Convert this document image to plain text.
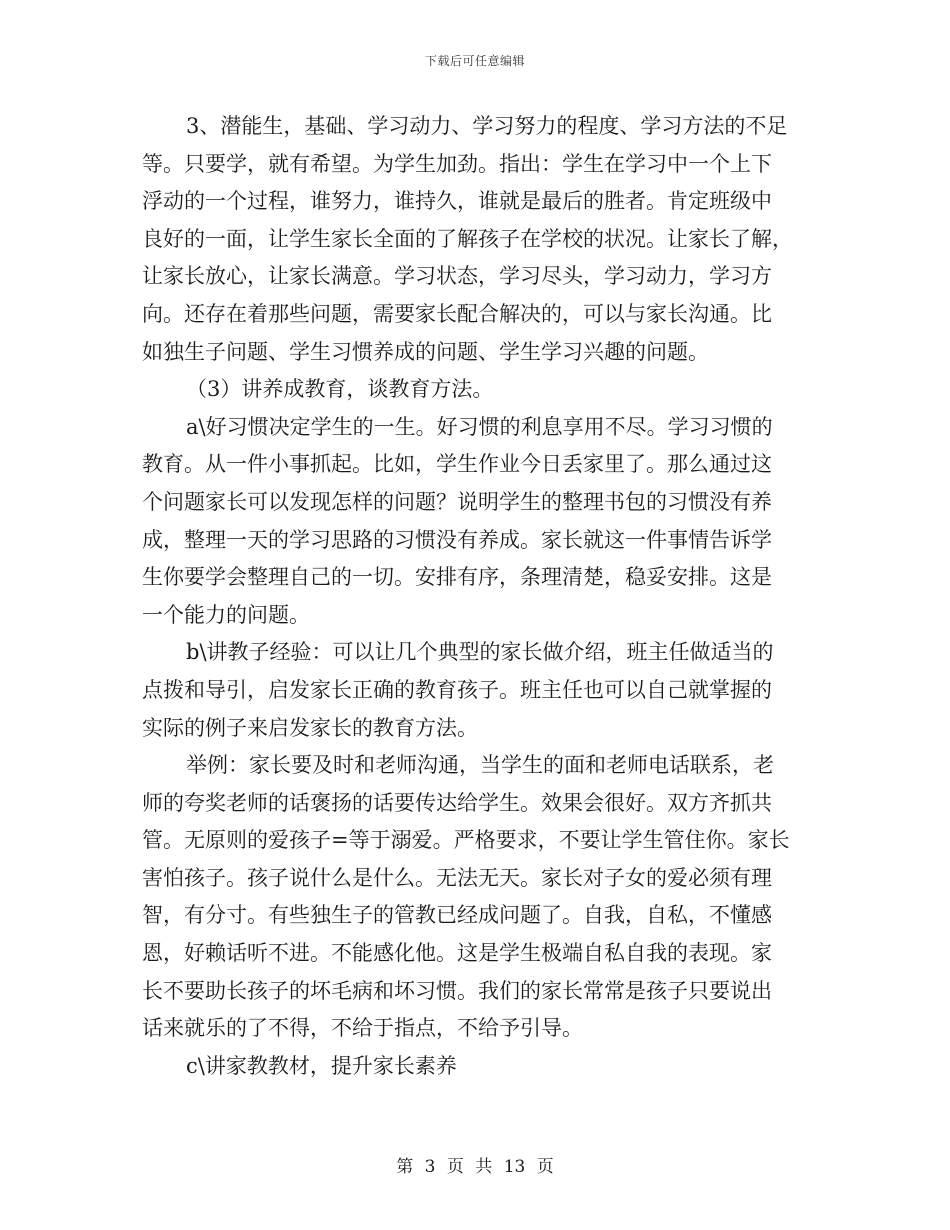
下载后可任意编辑
3、潜能生，基础、学习动力、学习努力的程度、学习方法的不足
等。只要学，就有希望。为学生加劲。指出：学生在学习中一个上下
浮动的一个过程，谁努力，谁持久，谁就是最后的胜者。肯定班级中
良好的一面，让学生家长全面的了解孩子在学校的状况。让家长了解，
让家长放心，让家长满意。学习状态，学习尽头，学习动力，学习方
向。还存在着那些问题，需要家长配合解决的，可以与家长沟通。比
如独生子问题、学生习惯养成的问题、学生学习兴趣的问题。
（3）讲养成教育，谈教育方法。
a\好习惯决定学生的一生。好习惯的利息享用不尽。学习习惯的
教育。从一件小事抓起。比如，学生作业今日丢家里了。那么通过这
个问题家长可以发现怎样的问题？说明学生的整理书包的习惯没有养
成，整理一天的学习思路的习惯没有养成。家长就这一件事情告诉学
生你要学会整理自己的一切。安排有序，条理清楚，稳妥安排。这是
一个能力的问题。
b\讲教子经验：可以让几个典型的家长做介绍，班主任做适当的
点拨和导引，启发家长正确的教育孩子。班主任也可以自己就掌握的
实际的例子来启发家长的教育方法。
举例：家长要及时和老师沟通，当学生的面和老师电话联系，老
师的夸奖老师的话褒扬的话要传达给学生。效果会很好。双方齐抓共
管。无原则的爱孩子=等于溺爱。严格要求，不要让学生管住你。家长
害怕孩子。孩子说什么是什么。无法无天。家长对子女的爱必须有理
智，有分寸。有些独生子的管教已经成问题了。自我，自私，不懂感
恩，好赖话听不进。不能感化他。这是学生极端自私自我的表现。家
长不要助长孩子的坏毛病和坏习惯。我们的家长常常是孩子只要说出
话来就乐的了不得，不给于指点，不给予引导。
c\讲家教教材，提升家长素养
第 3 页 共 13 页
